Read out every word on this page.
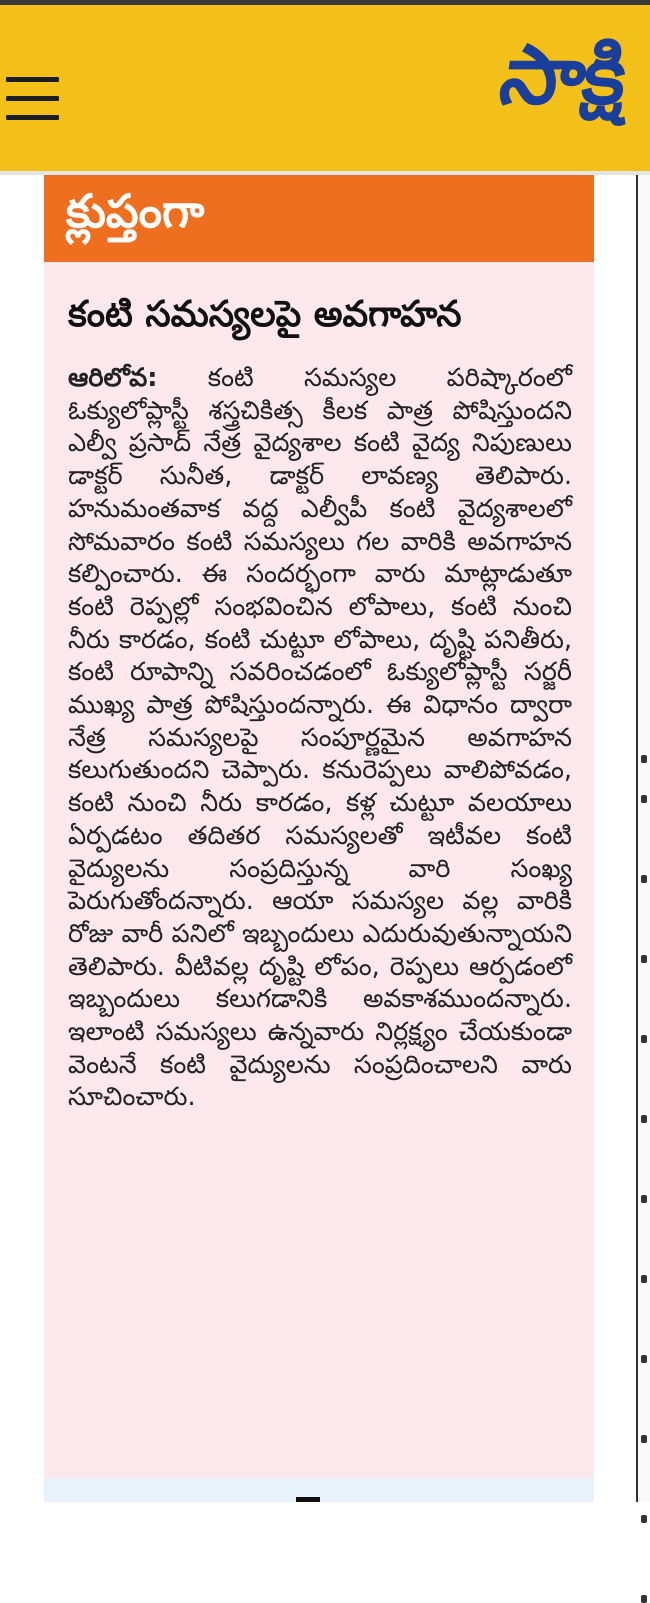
సాక్షి
క్లుప్తంగా
కంటి సమస్యలపై అవగాహన
ఆరిలోవ: కంటి సమస్యల పరిష్కారంలో ఓక్యులోప్లాస్టీ శస్త్రచికిత్స కీలక పాత్ర పోషిస్తుందని ఎల్వీ ప్రసాద్ నేత్ర వైద్యశాల కంటి వైద్య నిపుణులు డాక్టర్ సునీత, డాక్టర్ లావణ్య తెలిపారు. హనుమంతవాక వద్ద ఎల్వీపీ కంటి వైద్యశాలలో సోమవారం కంటి సమస్యలు గల వారికి అవగాహన కల్పించారు. ఈ సందర్భంగా వారు మాట్లాడుతూ కంటి రెప్పల్లో సంభవించిన లోపాలు, కంటి నుంచి నీరు కారడం, కంటి చుట్టూ లోపాలు, దృష్టి పనితీరు, కంటి రూపాన్ని సవరించడంలో ఓక్యులోప్లాస్టీ సర్జరీ ముఖ్య పాత్ర పోషిస్తుందన్నారు. ఈ విధానం ద్వారా నేత్ర సమస్యలపై సంపూర్ణమైన అవగాహన కలుగుతుందని చెప్పారు. కనురెప్పలు వాలిపోవడం, కంటి నుంచి నీరు కారడం, కళ్ల చుట్టూ వలయాలు ఏర్పడటం తదితర సమస్యలతో ఇటీవల కంటి వైద్యులను సంప్రదిస్తున్న వారి సంఖ్య పెరుగుతోందన్నారు. ఆయా సమస్యల వల్ల వారికి రోజు వారీ పనిలో ఇబ్బందులు ఎదురువుతున్నాయని తెలిపారు. వీటివల్ల దృష్టి లోపం, రెప్పలు ఆర్పడంలో ఇబ్బందులు కలుగడానికి అవకాశముందన్నారు. ఇలాంటి సమస్యలు ఉన్నవారు నిర్లక్ష్యం చేయకుండా వెంటనే కంటి వైద్యులను సంప్రదించాలని వారు సూచించారు.
